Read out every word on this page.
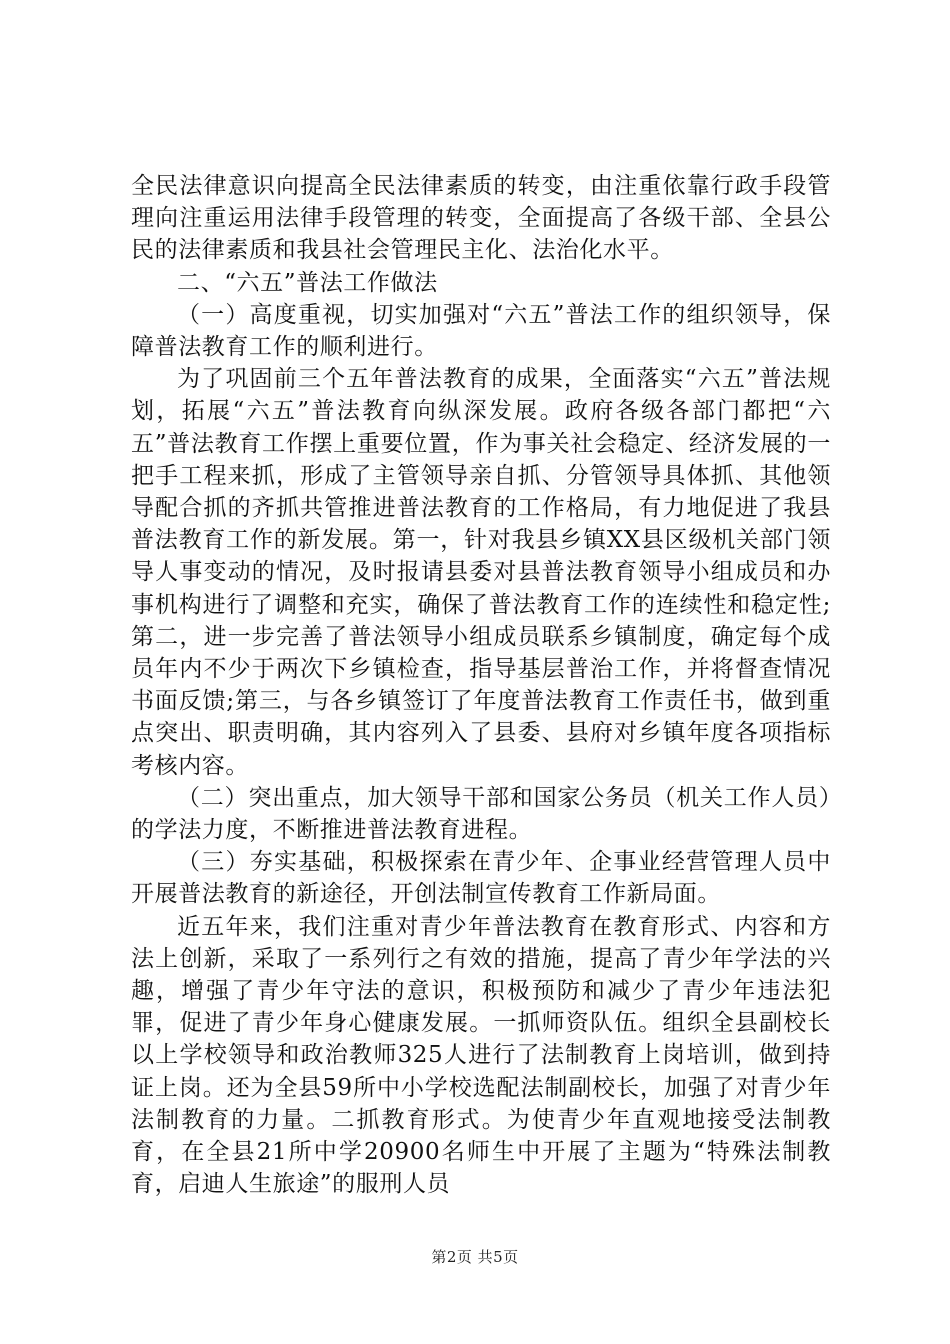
全民法律意识向提高全民法律素质的转变，由注重依靠行政手段管理向注重运用法律手段管理的转变，全面提高了各级干部、全县公民的法律素质和我县社会管理民主化、法治化水平。

二、“六五”普法工作做法

（一）高度重视，切实加强对“六五”普法工作的组织领导，保障普法教育工作的顺利进行。

为了巩固前三个五年普法教育的成果，全面落实“六五”普法规划，拓展“六五”普法教育向纵深发展。政府各级各部门都把“六五”普法教育工作摆上重要位置，作为事关社会稳定、经济发展的一把手工程来抓，形成了主管领导亲自抓、分管领导具体抓、其他领导配合抓的齐抓共管推进普法教育的工作格局，有力地促进了我县普法教育工作的新发展。第一，针对我县乡镇XX县区级机关部门领导人事变动的情况，及时报请县委对县普法教育领导小组成员和办事机构进行了调整和充实，确保了普法教育工作的连续性和稳定性;第二，进一步完善了普法领导小组成员联系乡镇制度，确定每个成员年内不少于两次下乡镇检查，指导基层普治工作，并将督查情况书面反馈;第三，与各乡镇签订了年度普法教育工作责任书，做到重点突出、职责明确，其内容列入了县委、县府对乡镇年度各项指标考核内容。

（二）突出重点，加大领导干部和国家公务员（机关工作人员）的学法力度，不断推进普法教育进程。

（三）夯实基础，积极探索在青少年、企事业经营管理人员中开展普法教育的新途径，开创法制宣传教育工作新局面。

近五年来，我们注重对青少年普法教育在教育形式、内容和方法上创新，采取了一系列行之有效的措施，提高了青少年学法的兴趣，增强了青少年守法的意识，积极预防和减少了青少年违法犯罪，促进了青少年身心健康发展。一抓师资队伍。组织全县副校长以上学校领导和政治教师325人进行了法制教育上岗培训，做到持证上岗。还为全县59所中小学校选配法制副校长，加强了对青少年法制教育的力量。二抓教育形式。为使青少年直观地接受法制教育，在全县21所中学20900名师生中开展了主题为“特殊法制教育，启迪人生旅途”的服刑人员

第2页 共5页
